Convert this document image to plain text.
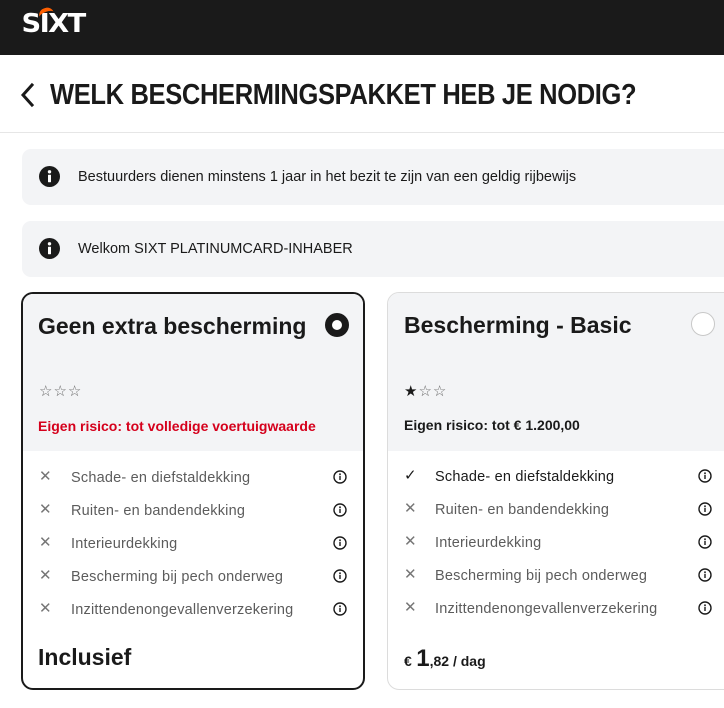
SIXT
WELK BESCHERMINGSPAKKET HEB JE NODIG?
Bestuurders dienen minstens 1 jaar in het bezit te zijn van een geldig rijbewijs
Welkom SIXT PLATINUMCARD-INHABER
Geen extra bescherming
☆☆☆
Eigen risico: tot volledige voertuigwaarde
✕ Schade- en diefstaldekking
✕ Ruiten- en bandendekking
✕ Interieurdekking
✕ Bescherming bij pech onderweg
✕ Inzittendenongevallenverzekering
Inclusief
Bescherming - Basic
★☆☆
Eigen risico: tot € 1.200,00
✓ Schade- en diefstaldekking
✕ Ruiten- en bandendekking
✕ Interieurdekking
✕ Bescherming bij pech onderweg
✕ Inzittendenongevallenverzekering
€ 1,82 / dag
